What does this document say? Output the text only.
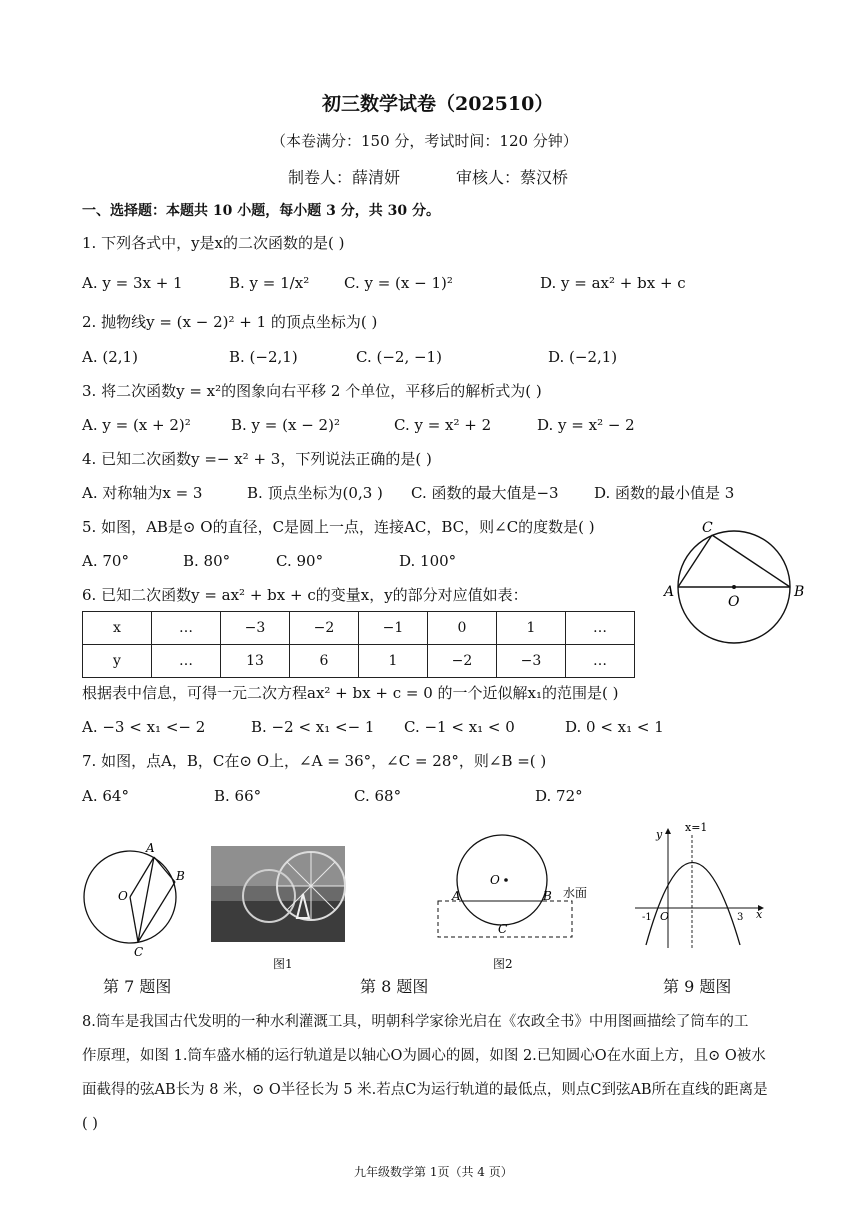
初三数学试卷（202510）
（本卷满分：150 分，考试时间：120 分钟）
制卷人：薛清妍	审核人：蔡汉桥
一、选择题：本题共 10 小题，每小题 3 分，共 30 分。
1. 下列各式中，y是x的二次函数的是( )
A. y = 3x + 1	B. y = 1/x² C. y = (x − 1)²	D. y = ax² + bx + c
2. 抛物线y = (x − 2)² + 1 的顶点坐标为( )
A. (2,1)	B. (−2,1)	C. (−2, −1)	D. (−2,1)
3. 将二次函数y = x²的图象向右平移 2 个单位，平移后的解析式为( )
A. y = (x + 2)²	B. y = (x − 2)²	C. y = x² + 2	D. y = x² − 2
4. 已知二次函数y =− x² + 3，下列说法正确的是( )
A. 对称轴为x = 3	B. 顶点坐标为(0,3 ) C. 函数的最大值是−3 D. 函数的最小值是 3
5. 如图，AB是⊙ O的直径，C是圆上一点，连接AC，BC，则∠C的度数是( )
A. 70°	B. 80°	C. 90°	D. 100°
C
A	B
O
6. 已知二次函数y = ax² + bx + c的变量x，y的部分对应值如表：
x	…	−3	−2	−1	0	1	…
y	…	13	6	1	−2	−3	…
根据表中信息，可得一元二次方程ax² + bx + c = 0 的一个近似解x₁的范围是( )
A. −3 < x₁ <− 2	B. −2 < x₁ <− 1 C. −1 < x₁ < 0	D. 0 < x₁ < 1
7. 如图，点A，B，C在⊙ O上，∠A = 36°，∠C = 28°，则∠B =( )
A. 64°	B. 66°	C. 68°	D. 72°
A
B
C
O
图1
O
A	B
C
水面
图2
y
x
x=1
-1 O	3
第 7 题图	第 8 题图	第 9 题图
8.筒车是我国古代发明的一种水利灌溉工具，明朝科学家徐光启在《农政全书》中用图画描绘了筒车的工
作原理，如图 1.筒车盛水桶的运行轨道是以轴心O为圆心的圆，如图 2.已知圆心O在水面上方，且⊙ O被水
面截得的弦AB长为 8 米，⊙ O半径长为 5 米.若点C为运行轨道的最低点，则点C到弦AB所在直线的距离是
( )
九年级数学第 1页（共 4 页）
